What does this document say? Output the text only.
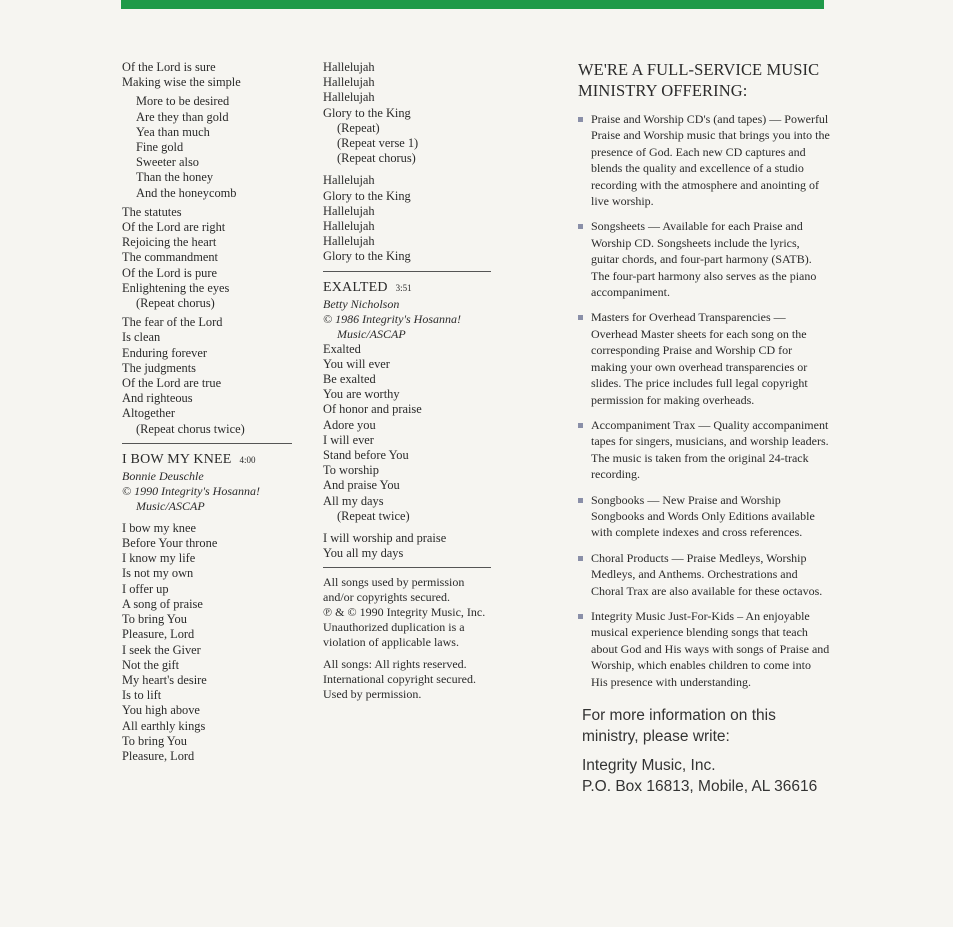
Of the Lord is sure
Making wise the simple
More to be desired
Are they than gold
Yea than much
Fine gold
Sweeter also
Than the honey
And the honeycomb
The statutes
Of the Lord are right
Rejoicing the heart
The commandment
Of the Lord is pure
Enlightening the eyes
(Repeat chorus)
The fear of the Lord
Is clean
Enduring forever
The judgments
Of the Lord are true
And righteous
Altogether
(Repeat chorus twice)
I BOW MY KNEE 4:00
Bonnie Deuschle
© 1990 Integrity's Hosanna!
Music/ASCAP
I bow my knee
Before Your throne
I know my life
Is not my own
I offer up
A song of praise
To bring You
Pleasure, Lord
I seek the Giver
Not the gift
My heart's desire
Is to lift
You high above
All earthly kings
To bring You
Pleasure, Lord
Hallelujah
Hallelujah
Hallelujah
Glory to the King
(Repeat)
(Repeat verse 1)
(Repeat chorus)
Hallelujah
Glory to the King
Hallelujah
Hallelujah
Hallelujah
Glory to the King
EXALTED 3:51
Betty Nicholson
© 1986 Integrity's Hosanna!
Music/ASCAP
Exalted
You will ever
Be exalted
You are worthy
Of honor and praise
Adore you
I will ever
Stand before You
To worship
And praise You
All my days
(Repeat twice)
I will worship and praise
You all my days
All songs used by permission
and/or copyrights secured.
℗ & © 1990 Integrity Music, Inc.
Unauthorized duplication is a
violation of applicable laws.
All songs: All rights reserved.
International copyright secured.
Used by permission.
WE'RE A FULL-SERVICE MUSIC MINISTRY OFFERING:
Praise and Worship CD's (and tapes) — Powerful Praise and Worship music that brings you into the presence of God. Each new CD captures and blends the quality and excellence of a studio recording with the atmosphere and anointing of live worship.
Songsheets — Available for each Praise and Worship CD. Songsheets include the lyrics, guitar chords, and four-part harmony (SATB). The four-part harmony also serves as the piano accompaniment.
Masters for Overhead Transparencies — Overhead Master sheets for each song on the corresponding Praise and Worship CD for making your own overhead transparencies or slides. The price includes full legal copyright permission for making overheads.
Accompaniment Trax — Quality accompaniment tapes for singers, musicians, and worship leaders. The music is taken from the original 24-track recording.
Songbooks — New Praise and Worship Songbooks and Words Only Editions available with complete indexes and cross references.
Choral Products — Praise Medleys, Worship Medleys, and Anthems. Orchestrations and Choral Trax are also available for these octavos.
Integrity Music Just-For-Kids – An enjoyable musical experience blending songs that teach about God and His ways with songs of Praise and Worship, which enables children to come into His presence with understanding.
For more information on this
ministry, please write:
Integrity Music, Inc.
P.O. Box 16813, Mobile, AL 36616
